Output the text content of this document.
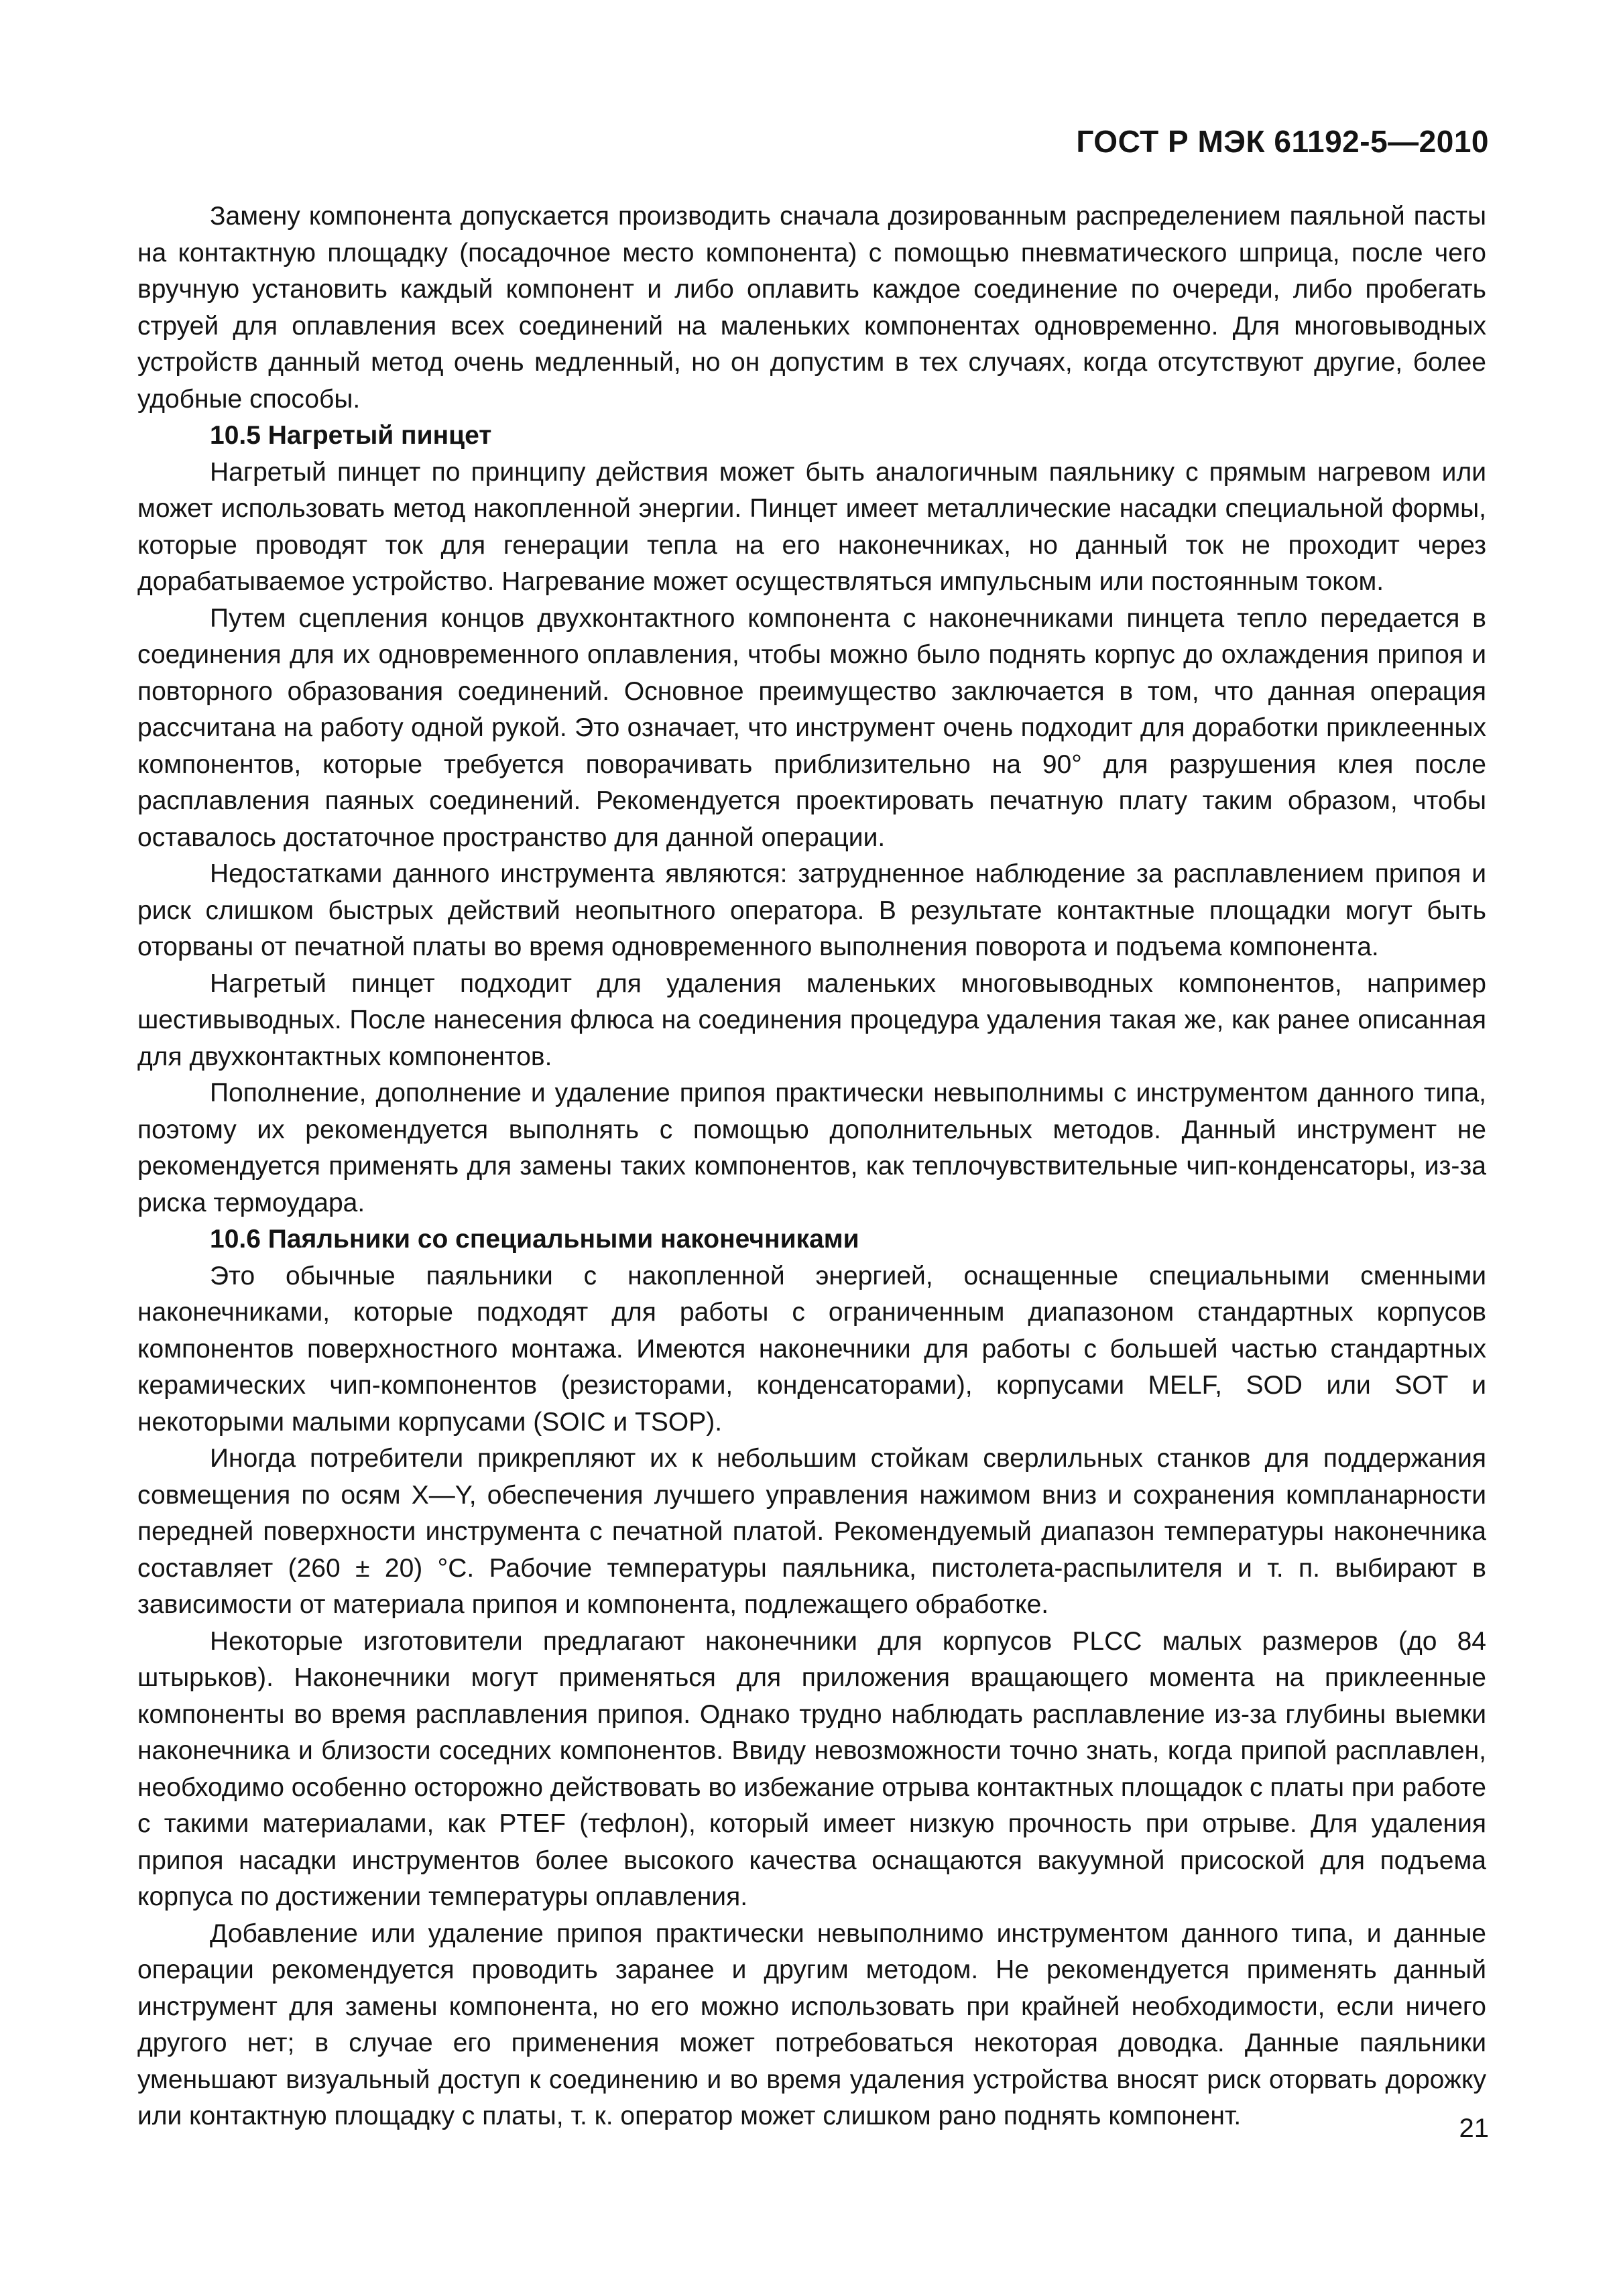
ГОСТ Р МЭК 61192-5—2010

Замену компонента допускается производить сначала дозированным распределением паяльной пасты на контактную площадку (посадочное место компонента) с помощью пневматического шприца, после чего вручную установить каждый компонент и либо оплавить каждое соединение по очереди, либо пробегать струей для оплавления всех соединений на маленьких компонентах одновременно. Для многовыводных устройств данный метод очень медленный, но он допустим в тех случаях, когда отсутствуют другие, более удобные способы.

10.5 Нагретый пинцет

Нагретый пинцет по принципу действия может быть аналогичным паяльнику с прямым нагревом или может использовать метод накопленной энергии. Пинцет имеет металлические насадки специальной формы, которые проводят ток для генерации тепла на его наконечниках, но данный ток не проходит через дорабатываемое устройство. Нагревание может осуществляться импульсным или постоянным током.

Путем сцепления концов двухконтактного компонента с наконечниками пинцета тепло передается в соединения для их одновременного оплавления, чтобы можно было поднять корпус до охлаждения припоя и повторного образования соединений. Основное преимущество заключается в том, что данная операция рассчитана на работу одной рукой. Это означает, что инструмент очень подходит для доработки приклеенных компонентов, которые требуется поворачивать приблизительно на 90° для разрушения клея после расплавления паяных соединений. Рекомендуется проектировать печатную плату таким образом, чтобы оставалось достаточное пространство для данной операции.

Недостатками данного инструмента являются: затрудненное наблюдение за расплавлением припоя и риск слишком быстрых действий неопытного оператора. В результате контактные площадки могут быть оторваны от печатной платы во время одновременного выполнения поворота и подъема компонента.

Нагретый пинцет подходит для удаления маленьких многовыводных компонентов, например шестивыводных. После нанесения флюса на соединения процедура удаления такая же, как ранее описанная для двухконтактных компонентов.

Пополнение, дополнение и удаление припоя практически невыполнимы с инструментом данного типа, поэтому их рекомендуется выполнять с помощью дополнительных методов. Данный инструмент не рекомендуется применять для замены таких компонентов, как теплочувствительные чип-конденсаторы, из-за риска термоудара.

10.6 Паяльники со специальными наконечниками

Это обычные паяльники с накопленной энергией, оснащенные специальными сменными наконечниками, которые подходят для работы с ограниченным диапазоном стандартных корпусов компонентов поверхностного монтажа. Имеются наконечники для работы с большей частью стандартных керамических чип-компонентов (резисторами, конденсаторами), корпусами MELF, SOD или SOT и некоторыми малыми корпусами (SOIC и TSOP).

Иногда потребители прикрепляют их к небольшим стойкам сверлильных станков для поддержания совмещения по осям X—Y, обеспечения лучшего управления нажимом вниз и сохранения компланарности передней поверхности инструмента с печатной платой. Рекомендуемый диапазон температуры наконечника составляет (260 ± 20) °С. Рабочие температуры паяльника, пистолета-распылителя и т. п. выбирают в зависимости от материала припоя и компонента, подлежащего обработке.

Некоторые изготовители предлагают наконечники для корпусов PLCC малых размеров (до 84 штырьков). Наконечники могут применяться для приложения вращающего момента на приклеенные компоненты во время расплавления припоя. Однако трудно наблюдать расплавление из-за глубины выемки наконечника и близости соседних компонентов. Ввиду невозможности точно знать, когда припой расплавлен, необходимо особенно осторожно действовать во избежание отрыва контактных площадок с платы при работе с такими материалами, как PTEF (тефлон), который имеет низкую прочность при отрыве. Для удаления припоя насадки инструментов более высокого качества оснащаются вакуумной присоской для подъема корпуса по достижении температуры оплавления.

Добавление или удаление припоя практически невыполнимо инструментом данного типа, и данные операции рекомендуется проводить заранее и другим методом. Не рекомендуется применять данный инструмент для замены компонента, но его можно использовать при крайней необходимости, если ничего другого нет; в случае его применения может потребоваться некоторая доводка. Данные паяльники уменьшают визуальный доступ к соединению и во время удаления устройства вносят риск оторвать дорожку или контактную площадку с платы, т. к. оператор может слишком рано поднять компонент.	21
